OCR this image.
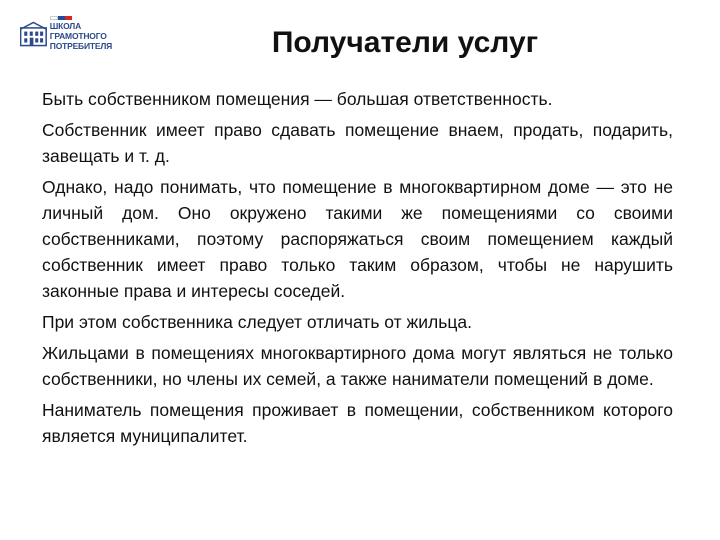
ШКОЛА
ГРАМОТНОГО
ПОТРЕБИТЕЛЯ	Получатели услуг

Быть собственником помещения — большая ответственность.

Собственник имеет право сдавать помещение внаем, продать, подарить, завещать и т. д.

Однако, надо понимать, что помещение в многоквартирном доме — это не личный дом. Оно окружено такими же помещениями со своими собственниками, поэтому распоряжаться своим помещением каждый собственник имеет право только таким образом, чтобы не нарушить законные права и интересы соседей.

При этом собственника следует отличать от жильца.

Жильцами в помещениях многоквартирного дома могут являться не только собственники, но члены их семей, а также наниматели помещений в доме.

Наниматель помещения проживает в помещении, собственником которого является муниципалитет.
